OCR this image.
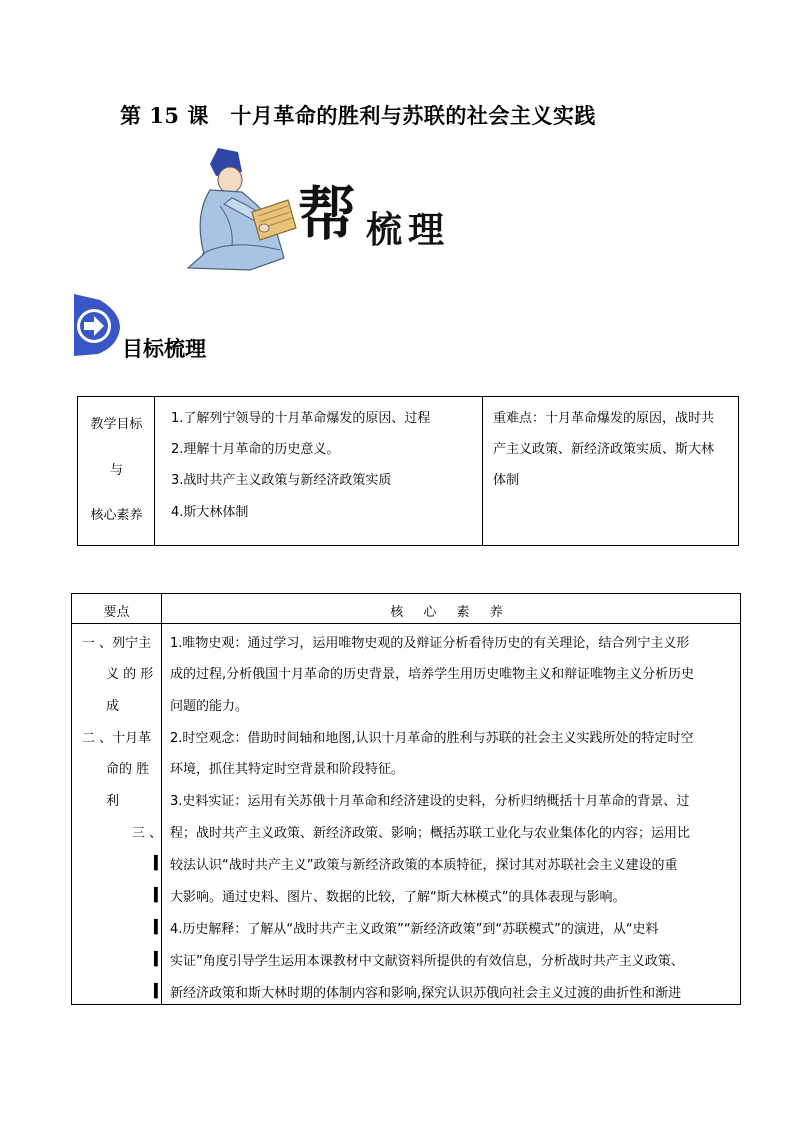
第 15 课　十月革命的胜利与苏联的社会主义实践
帮 梳理
目标梳理
教学目标
与
核心素养
1.了解列宁领导的十月革命爆发的原因、过程
2.理解十月革命的历史意义。
3.战时共产主义政策与新经济政策实质
4.斯大林体制
重难点：十月革命爆发的原因，战时共
产主义政策、新经济政策实质、斯大林
体制
要点	核 心 素 养
一 、列宁主
义 的 形
成
二 、十月革
命的 胜
利
三 、
▍
▍
▍
▍
▍
1.唯物史观：通过学习，运用唯物史观的及辩证分析看待历史的有关理论，结合列宁主义形
成的过程,分析俄国十月革命的历史背景，培养学生用历史唯物主义和辩证唯物主义分析历史
问题的能力。
2.时空观念：借助时间轴和地图,认识十月革命的胜利与苏联的社会主义实践所处的特定时空
环境，抓住其特定时空背景和阶段特征。
3.史料实证：运用有关苏俄十月革命和经济建设的史料，分析归纳概括十月革命的背景、过
程；战时共产主义政策、新经济政策、影响；概括苏联工业化与农业集体化的内容；运用比
较法认识“战时共产主义”政策与新经济政策的本质特征，探讨其对苏联社会主义建设的重
大影响。通过史料、图片、数据的比较，了解“斯大林模式”的具体表现与影响。
4.历史解释：了解从“战时共产主义政策”“新经济政策”到“苏联模式”的演进，从“史料
实证”角度引导学生运用本课教材中文献资料所提供的有效信息，分析战时共产主义政策、
新经济政策和斯大林时期的体制内容和影响,探究认识苏俄向社会主义过渡的曲折性和渐进
